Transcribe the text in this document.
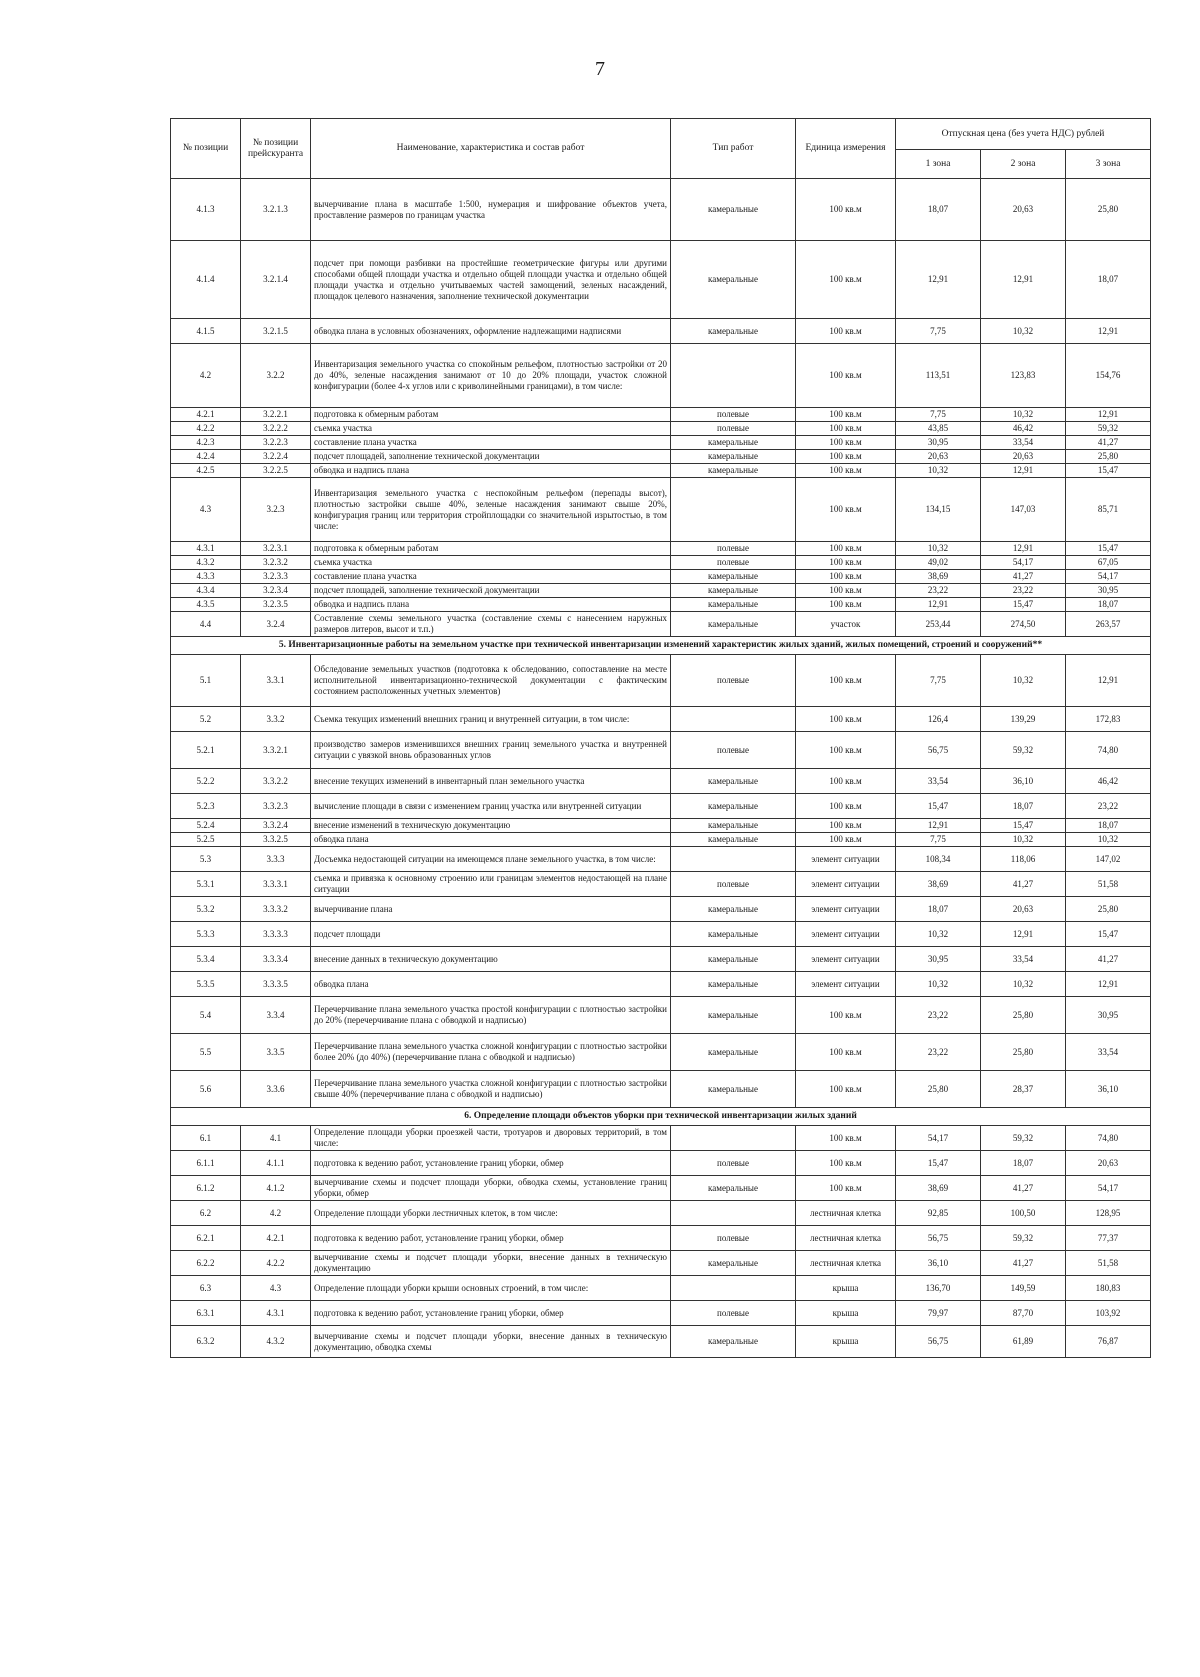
7
№ позиции	№ позиции прейскуранта	Наименование, характеристика и состав работ	Тип работ	Единица измерения	Отпускная цена (без учета НДС) рублей		
					1 зона	2 зона	3 зона
4.1.3	3.2.1.3	вычерчивание плана в масштабе 1:500, нумерация и шифрование объектов учета, проставление размеров по границам участка	камеральные	100 кв.м	18,07	20,63	25,80
4.1.4	3.2.1.4	подсчет при помощи разбивки на простейшие геометрические фигуры или другими способами общей площади участка и отдельно общей площади участка и отдельно общей площади участка и отдельно учитываемых частей замощений, зеленых насаждений, площадок целевого назначения, заполнение технической документации	камеральные	100 кв.м	12,91	12,91	18,07
4.1.5	3.2.1.5	обводка плана в условных обозначениях, оформление надлежащими надписями	камеральные	100 кв.м	7,75	10,32	12,91
4.2	3.2.2	Инвентаризация земельного участка со спокойным рельефом, плотностью застройки от 20 до 40%, зеленые насаждения занимают от 10 до 20% площади, участок сложной конфигурации (более 4-х углов или с криволинейными границами), в том числе:		100 кв.м	113,51	123,83	154,76
4.2.1	3.2.2.1	подготовка к обмерным работам	полевые	100 кв.м	7,75	10,32	12,91
4.2.2	3.2.2.2	съемка участка	полевые	100 кв.м	43,85	46,42	59,32
4.2.3	3.2.2.3	составление плана участка	камеральные	100 кв.м	30,95	33,54	41,27
4.2.4	3.2.2.4	подсчет площадей, заполнение технической документации	камеральные	100 кв.м	20,63	20,63	25,80
4.2.5	3.2.2.5	обводка и надпись плана	камеральные	100 кв.м	10,32	12,91	15,47
4.3	3.2.3	Инвентаризация земельного участка с неспокойным рельефом (перепады высот), плотностью застройки свыше 40%, зеленые насаждения занимают свыше 20%, конфигурация границ или территория стройплощадки со значительной изрытостью, в том числе:		100 кв.м	134,15	147,03	85,71
4.3.1	3.2.3.1	подготовка к обмерным работам	полевые	100 кв.м	10,32	12,91	15,47
4.3.2	3.2.3.2	съемка участка	полевые	100 кв.м	49,02	54,17	67,05
4.3.3	3.2.3.3	составление плана участка	камеральные	100 кв.м	38,69	41,27	54,17
4.3.4	3.2.3.4	подсчет площадей, заполнение технической документации	камеральные	100 кв.м	23,22	23,22	30,95
4.3.5	3.2.3.5	обводка и надпись плана	камеральные	100 кв.м	12,91	15,47	18,07
4.4	3.2.4	Составление схемы земельного участка (составление схемы с нанесением наружных размеров литеров, высот и т.п.)	камеральные	участок	253,44	274,50	263,57
5. Инвентаризационные работы на земельном участке при технической инвентаризации изменений характеристик жилых зданий, жилых помещений, строений и сооружений**							
5.1	3.3.1	Обследование земельных участков (подготовка к обследованию, сопоставление на месте исполнительной инвентаризационно-технической документации с фактическим состоянием расположенных учетных элементов)	полевые	100 кв.м	7,75	10,32	12,91
5.2	3.3.2	Съемка текущих изменений внешних границ и внутренней ситуации, в том числе:		100 кв.м	126,4	139,29	172,83
5.2.1	3.3.2.1	производство замеров изменившихся внешних границ земельного участка и внутренней ситуации с увязкой вновь образованных углов	полевые	100 кв.м	56,75	59,32	74,80
5.2.2	3.3.2.2	внесение текущих изменений в инвентарный план земельного участка	камеральные	100 кв.м	33,54	36,10	46,42
5.2.3	3.3.2.3	вычисление площади в связи с изменением границ участка или внутренней ситуации	камеральные	100 кв.м	15,47	18,07	23,22
5.2.4	3.3.2.4	внесение изменений в техническую документацию	камеральные	100 кв.м	12,91	15,47	18,07
5.2.5	3.3.2.5	обводка плана	камеральные	100 кв.м	7,75	10,32	10,32
5.3	3.3.3	Досъемка недостающей ситуации на имеющемся плане земельного участка, в том числе:		элемент ситуации	108,34	118,06	147,02
5.3.1	3.3.3.1	съемка и привязка к основному строению или границам элементов недостающей на плане ситуации	полевые	элемент ситуации	38,69	41,27	51,58
5.3.2	3.3.3.2	вычерчивание плана	камеральные	элемент ситуации	18,07	20,63	25,80
5.3.3	3.3.3.3	подсчет площади	камеральные	элемент ситуации	10,32	12,91	15,47
5.3.4	3.3.3.4	внесение данных в техническую документацию	камеральные	элемент ситуации	30,95	33,54	41,27
5.3.5	3.3.3.5	обводка плана	камеральные	элемент ситуации	10,32	10,32	12,91
5.4	3.3.4	Перечерчивание плана земельного участка простой конфигурации с плотностью застройки до 20% (перечерчивание плана с обводкой и надписью)	камеральные	100 кв.м	23,22	25,80	30,95
5.5	3.3.5	Перечерчивание плана земельного участка сложной конфигурации с плотностью застройки более 20% (до 40%) (перечерчивание плана с обводкой и надписью)	камеральные	100 кв.м	23,22	25,80	33,54
5.6	3.3.6	Перечерчивание плана земельного участка сложной конфигурации с плотностью застройки свыше 40% (перечерчивание плана с обводкой и надписью)	камеральные	100 кв.м	25,80	28,37	36,10
6. Определение площади объектов уборки при технической инвентаризации жилых зданий							
6.1	4.1	Определение площади уборки проезжей части, тротуаров и дворовых территорий, в том числе:		100 кв.м	54,17	59,32	74,80
6.1.1	4.1.1	подготовка к ведению работ, установление границ уборки, обмер	полевые	100 кв.м	15,47	18,07	20,63
6.1.2	4.1.2	вычерчивание схемы и подсчет площади уборки, обводка схемы, установление границ уборки, обмер	камеральные	100 кв.м	38,69	41,27	54,17
6.2	4.2	Определение площади уборки лестничных клеток, в том числе:		лестничная клетка	92,85	100,50	128,95
6.2.1	4.2.1	подготовка к ведению работ, установление границ уборки, обмер	полевые	лестничная клетка	56,75	59,32	77,37
6.2.2	4.2.2	вычерчивание схемы и подсчет площади уборки, внесение данных в техническую документацию	камеральные	лестничная клетка	36,10	41,27	51,58
6.3	4.3	Определение площади уборки крыши основных строений, в том числе:		крыша	136,70	149,59	180,83
6.3.1	4.3.1	подготовка к ведению работ, установление границ уборки, обмер	полевые	крыша	79,97	87,70	103,92
6.3.2	4.3.2	вычерчивание схемы и подсчет площади уборки, внесение данных в техническую документацию, обводка схемы	камеральные	крыша	56,75	61,89	76,87
